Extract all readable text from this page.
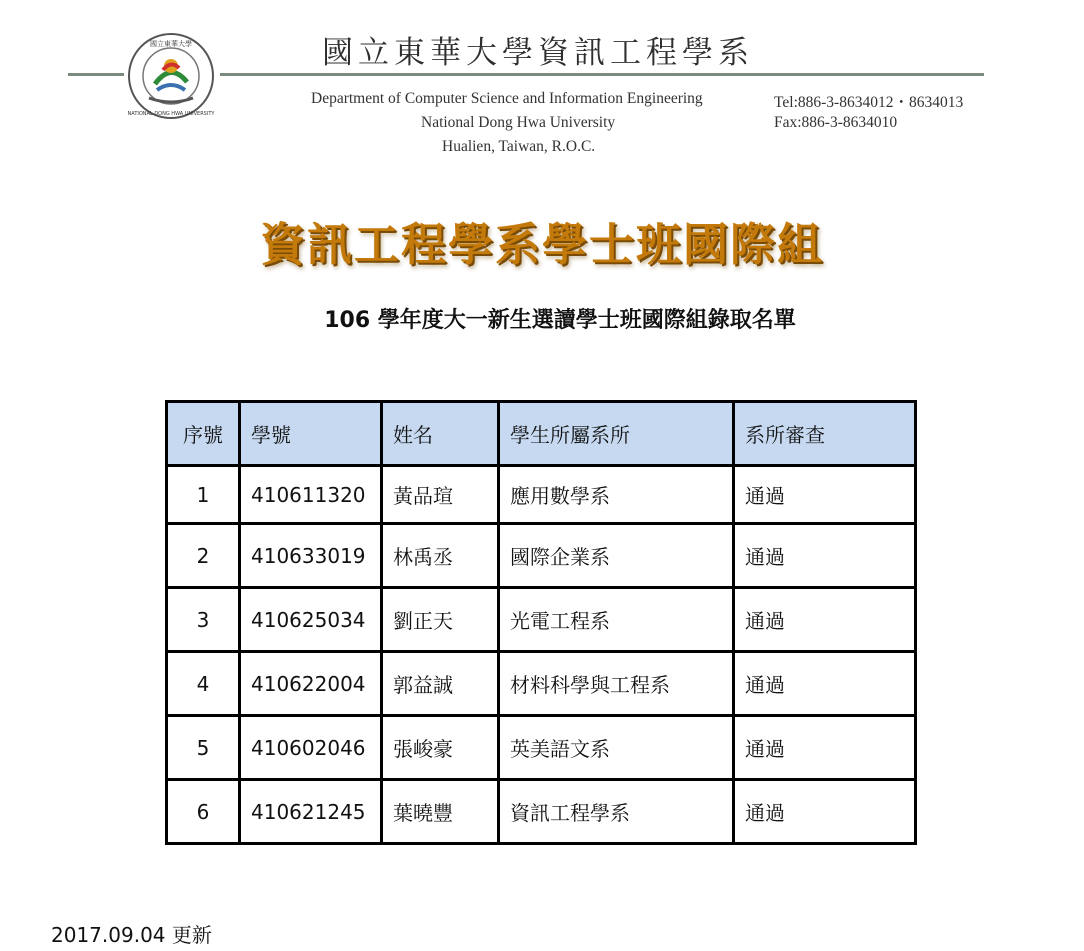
國立東華大學
NATIONAL DONG HWA UNIVERSITY
國立東華大學資訊工程學系
Department of Computer Science and Information Engineering
National Dong Hwa University
Hualien, Taiwan, R.O.C.
Tel:886-3-8634012・8634013
Fax:886-3-8634010
資訊工程學系學士班國際組
106 學年度大一新生選讀學士班國際組錄取名單
序號	學號	姓名	學生所屬系所	系所審查
1	410611320	黃品瑄	應用數學系	通過
2	410633019	林禹丞	國際企業系	通過
3	410625034	劉正天	光電工程系	通過
4	410622004	郭益誠	材料科學與工程系	通過
5	410602046	張峻豪	英美語文系	通過
6	410621245	葉曉豐	資訊工程學系	通過
2017.09.04 更新
